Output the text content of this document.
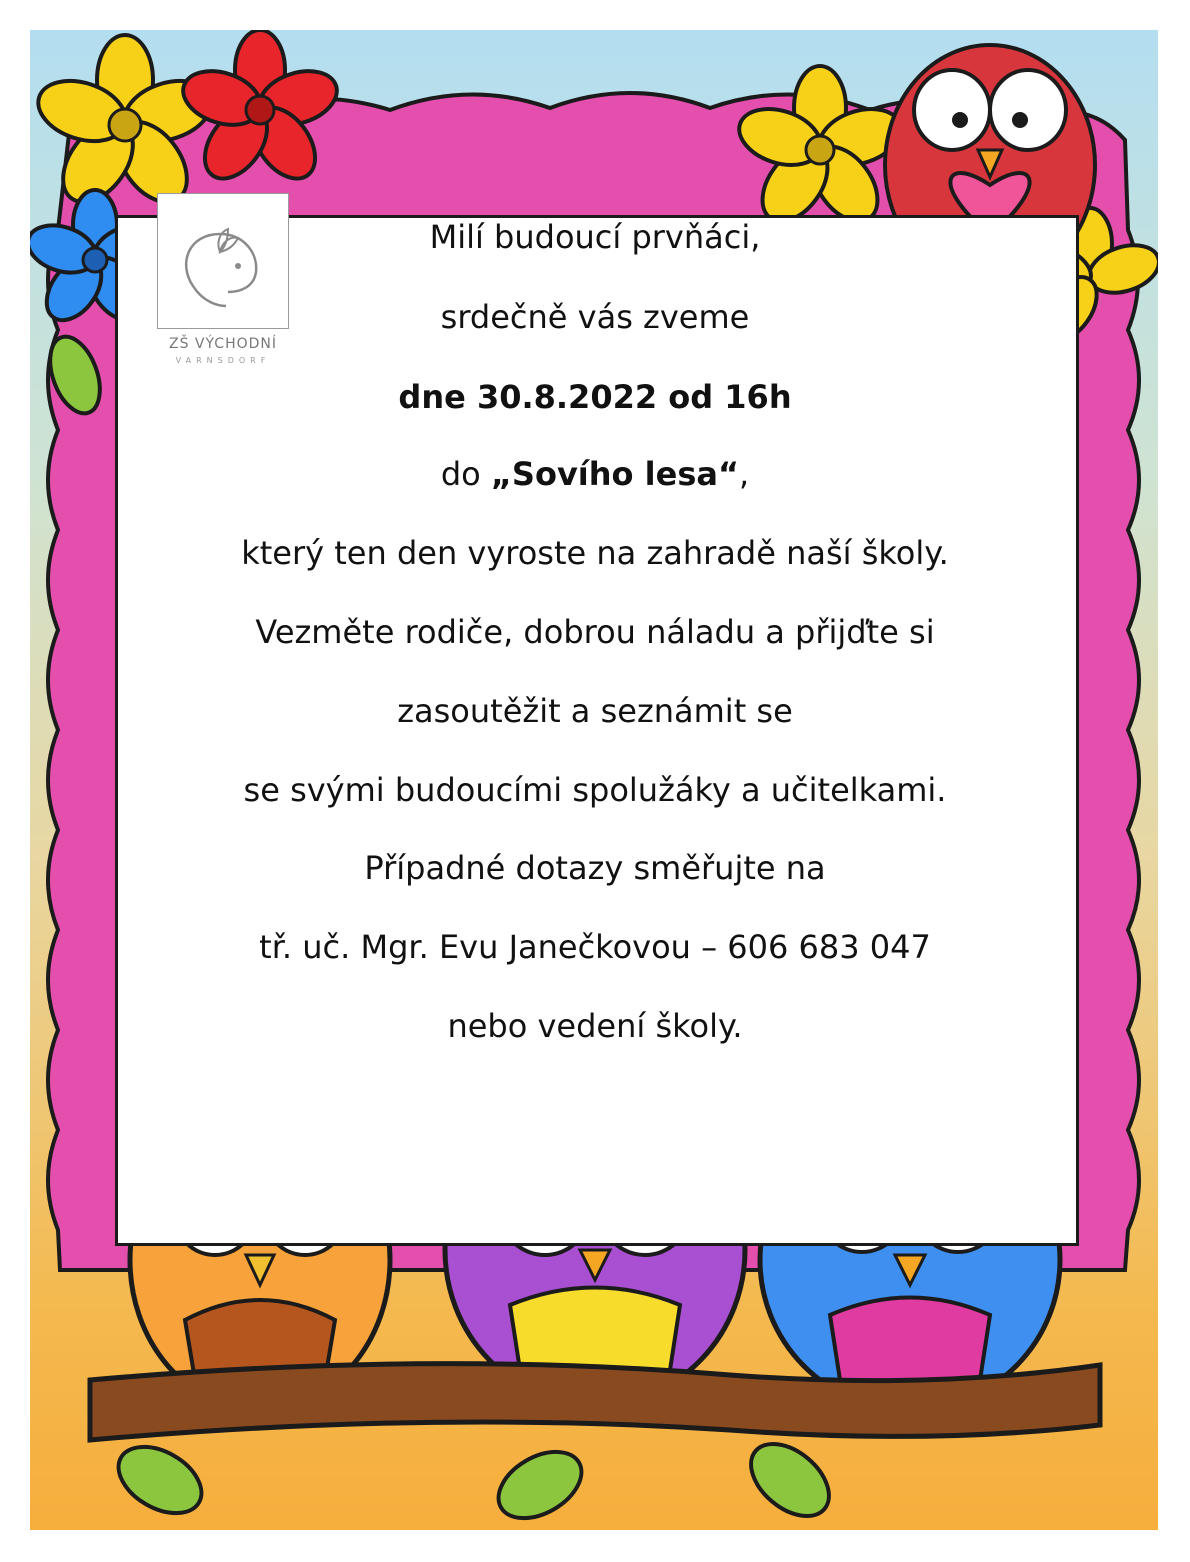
ZŠ VÝCHODNÍ
VARNSDORF
Milí budoucí prvňáci,
srdečně vás zveme
dne 30.8.2022 od 16h
do „Sovího lesa“,
který ten den vyroste na zahradě naší školy.
Vezměte rodiče, dobrou náladu a přijďte si
zasoutěžit a seznámit se
se svými budoucími spolužáky a učitelkami.
Případné dotazy směřujte na
tř. uč. Mgr. Evu Janečkovou – 606 683 047
nebo vedení školy.
